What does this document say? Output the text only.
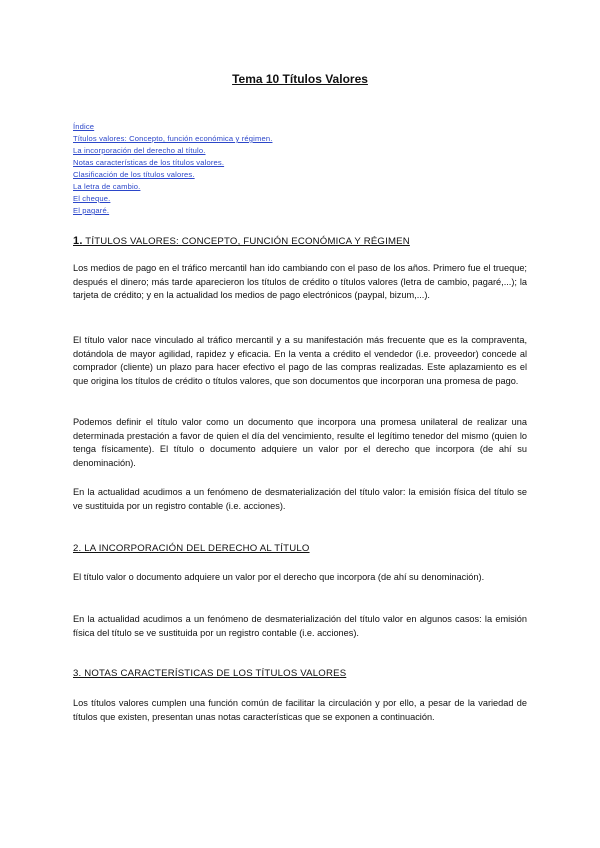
Tema 10 Títulos Valores
Índice
Títulos valores: Concepto, función económica y régimen.
La incorporación del derecho al título.
Notas características de los títulos valores.
Clasificación de los títulos valores.
La letra de cambio.
El cheque.
El pagaré.
1. TÍTULOS VALORES: CONCEPTO, FUNCIÓN ECONÓMICA Y RÉGIMEN

Los medios de pago en el tráfico mercantil han ido cambiando con el paso de los años. Primero fue el trueque; después el dinero; más tarde aparecieron los títulos de crédito o títulos valores (letra de cambio, pagaré,...); la tarjeta de crédito; y en la actualidad los medios de pago electrónicos (paypal, bizum,...).

El título valor nace vinculado al tráfico mercantil y a su manifestación más frecuente que es la compraventa, dotándola de mayor agilidad, rapidez y eficacia. En la venta a crédito el vendedor (i.e. proveedor) concede al comprador (cliente) un plazo para hacer efectivo el pago de las compras realizadas. Este aplazamiento es el que origina los títulos de crédito o títulos valores, que son documentos que incorporan una promesa de pago.

Podemos definir el título valor como un documento que incorpora una promesa unilateral de realizar una determinada prestación a favor de quien el día del vencimiento, resulte el legítimo tenedor del mismo (quien lo tenga físicamente). El título o documento adquiere un valor por el derecho que incorpora (de ahí su denominación).

En la actualidad acudimos a un fenómeno de desmaterialización del título valor: la emisión física del título se ve sustituida por un registro contable (i.e. acciones).

2. LA INCORPORACIÓN DEL DERECHO AL TÍTULO

El título valor o documento adquiere un valor por el derecho que incorpora (de ahí su denominación).

En la actualidad acudimos a un fenómeno de desmaterialización del título valor en algunos casos: la emisión física del título se ve sustituida por un registro contable (i.e. acciones).

3. NOTAS CARACTERÍSTICAS DE LOS TÍTULOS VALORES

Los títulos valores cumplen una función común de facilitar la circulación y por ello, a pesar de la variedad de títulos que existen, presentan unas notas características que se exponen a continuación.
